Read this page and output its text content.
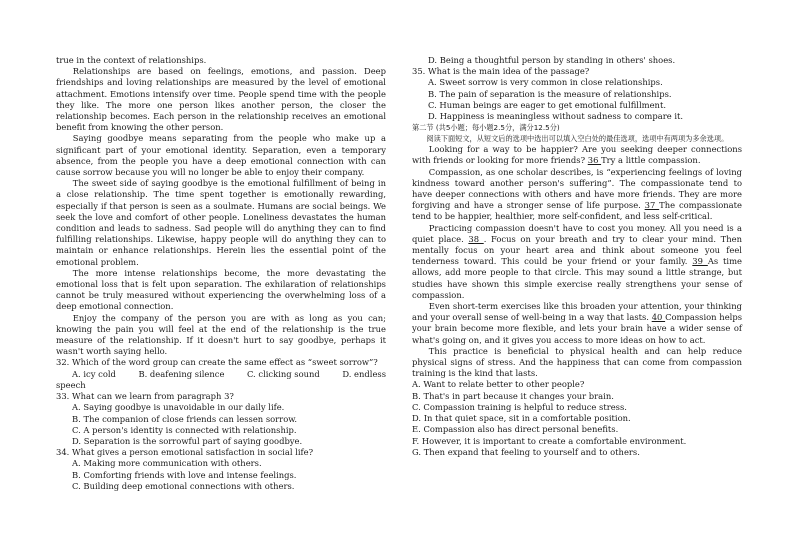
true in the context of relationships.

Relationships are based on feelings, emotions, and passion. Deep friendships and loving relationships are measured by the level of emotional attachment. Emotions intensify over time. People spend time with the people they like. The more one person likes another person, the closer the relationship becomes. Each person in the relationship receives an emotional benefit from knowing the other person.

Saying goodbye means separating from the people who make up a significant part of your emotional identity. Separation, even a temporary absence, from the people you have a deep emotional connection with can cause sorrow because you will no longer be able to enjoy their company.

The sweet side of saying goodbye is the emotional fulfillment of being in a close relationship. The time spent together is emotionally rewarding, especially if that person is seen as a soulmate. Humans are social beings. We seek the love and comfort of other people. Loneliness devastates the human condition and leads to sadness. Sad people will do anything they can to find fulfilling relationships. Likewise, happy people will do anything they can to maintain or enhance relationships. Herein lies the essential point of the emotional problem.

The more intense relationships become, the more devastating the emotional loss that is felt upon separation. The exhilaration of relationships cannot be truly measured without experiencing the overwhelming loss of a deep emotional connection.

Enjoy the company of the person you are with as long as you can; knowing the pain you will feel at the end of the relationship is the true measure of the relationship. If it doesn't hurt to say goodbye, perhaps it wasn't worth saying hello.

32. Which of the word group can create the same effect as “sweet sorrow”?

A. icy cold	B. deafening silence	C. clicking sound	D. endless

speech

33. What can we learn from paragraph 3?

A. Saying goodbye is unavoidable in our daily life.

B. The companion of close friends can lessen sorrow.

C. A person's identity is connected with relationship.

D. Separation is the sorrowful part of saying goodbye.

34. What gives a person emotional satisfaction in social life?

A. Making more communication with others.

B. Comforting friends with love and intense feelings.

C. Building deep emotional connections with others.

D. Being a thoughtful person by standing in others' shoes.

35. What is the main idea of the passage?

A. Sweet sorrow is very common in close relationships.

B. The pain of separation is the measure of relationships.

C. Human beings are eager to get emotional fulfillment.

D. Happiness is meaningless without sadness to compare it.

第二节 (共5小题；每小题2.5分，满分12.5分)

阅读下面短文，从短文后的选项中选出可以填入空白处的最佳选项，选项中有两项为多余选项。

Looking for a way to be happier? Are you seeking deeper connections with friends or looking for more friends? 36 Try a little compassion.

Compassion, as one scholar describes, is “experiencing feelings of loving kindness toward another person's suffering”. The compassionate tend to have deeper connections with others and have more friends. They are more forgiving and have a stronger sense of life purpose. 37 The compassionate tend to be happier, healthier, more self-confident, and less self-critical.

Practicing compassion doesn't have to cost you money. All you need is a quiet place. 38 . Focus on your breath and try to clear your mind. Then mentally focus on your heart area and think about someone you feel tenderness toward. This could be your friend or your family. 39 As time allows, add more people to that circle. This may sound a little strange, but studies have shown this simple exercise really strengthens your sense of compassion.

Even short-term exercises like this broaden your attention, your thinking and your overall sense of well-being in a way that lasts. 40 Compassion helps your brain become more flexible, and lets your brain have a wider sense of what's going on, and it gives you access to more ideas on how to act.

This practice is beneficial to physical health and can help reduce physical signs of stress. And the happiness that can come from compassion training is the kind that lasts.

A. Want to relate better to other people?

B. That's in part because it changes your brain.

C. Compassion training is helpful to reduce stress.

D. In that quiet space, sit in a comfortable position.

E. Compassion also has direct personal benefits.

F. However, it is important to create a comfortable environment.

G. Then expand that feeling to yourself and to others.
